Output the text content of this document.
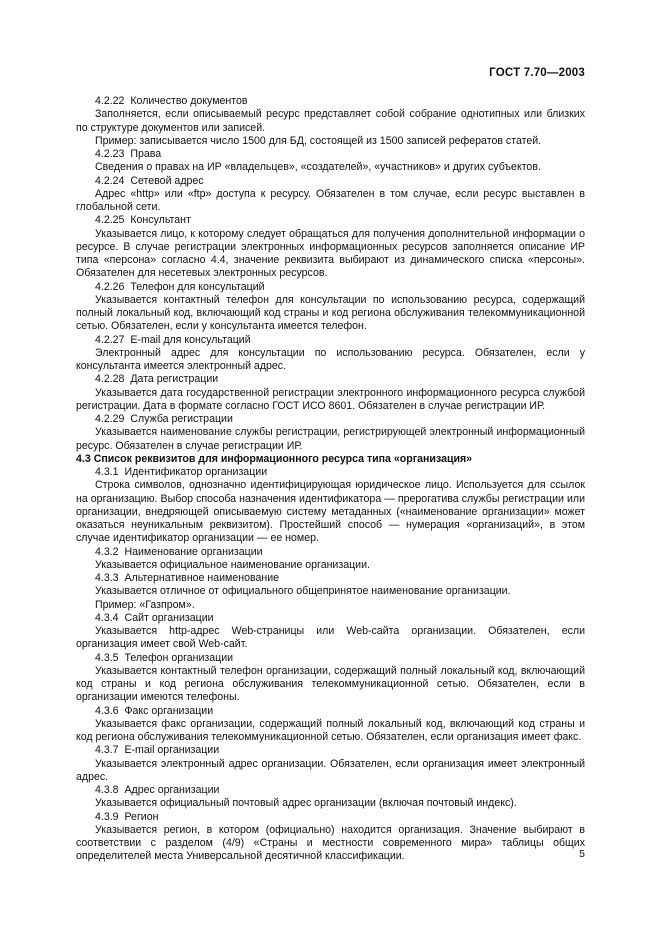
ГОСТ 7.70—2003

4.2.22 Количество документов

Заполняется, если описываемый ресурс представляет собой собрание однотипных или близких по структуре документов или записей.

Пример: записывается число 1500 для БД, состоящей из 1500 записей рефератов статей.

4.2.23 Права

Сведения о правах на ИР «владельцев», «создателей», «участников» и других субъектов.

4.2.24 Сетевой адрес

Адрес «http» или «ftp» доступа к ресурсу. Обязателен в том случае, если ресурс выставлен в глобальной сети.

4.2.25 Консультант

Указывается лицо, к которому следует обращаться для получения дополнительной информации о ресурсе. В случае регистрации электронных информационных ресурсов заполняется описание ИР типа «персона» согласно 4.4, значение реквизита выбирают из динамического списка «персоны». Обязателен для несетевых электронных ресурсов.

4.2.26 Телефон для консультаций

Указывается контактный телефон для консультации по использованию ресурса, содержащий полный локальный код, включающий код страны и код региона обслуживания телекоммуникационной сетью. Обязателен, если у консультанта имеется телефон.

4.2.27 E-mail для консультаций

Электронный адрес для консультации по использованию ресурса. Обязателен, если у консультанта имеется электронный адрес.

4.2.28 Дата регистрации

Указывается дата государственной регистрации электронного информационного ресурса службой регистрации. Дата в формате согласно ГОСТ ИСО 8601. Обязателен в случае регистрации ИР.

4.2.29 Служба регистрации

Указывается наименование службы регистрации, регистрирующей электронный информационный ресурс. Обязателен в случае регистрации ИР.

4.3 Список реквизитов для информационного ресурса типа «организация»

4.3.1 Идентификатор организации

Строка символов, однозначно идентифицирующая юридическое лицо. Используется для ссылок на организацию. Выбор способа назначения идентификатора — прерогатива службы регистрации или организации, внедряющей описываемую систему метаданных («наименование организации» может оказаться неуникальным реквизитом). Простейший способ — нумерация «организаций», в этом случае идентификатор организации — ее номер.

4.3.2 Наименование организации

Указывается официальное наименование организации.

4.3.3 Альтернативное наименование

Указывается отличное от официального общепринятое наименование организации.

Пример: «Газпром».

4.3.4 Сайт организации

Указывается http-адрес Web-страницы или Web-сайта организации. Обязателен, если организация имеет свой Web-сайт.

4.3.5 Телефон организации

Указывается контактный телефон организации, содержащий полный локальный код, включающий код страны и код региона обслуживания телекоммуникационной сетью. Обязателен, если в организации имеются телефоны.

4.3.6 Факс организации

Указывается факс организации, содержащий полный локальный код, включающий код страны и код региона обслуживания телекоммуникационной сетью. Обязателен, если организация имеет факс.

4.3.7 E-mail организации

Указывается электронный адрес организации. Обязателен, если организация имеет электронный адрес.

4.3.8 Адрес организации

Указывается официальный почтовый адрес организации (включая почтовый индекс).

4.3.9 Регион

Указывается регион, в котором (официально) находится организация. Значение выбирают в соответствии с разделом (4/9) «Страны и местности современного мира» таблицы общих определителей места Универсальной десятичной классификации.	5
